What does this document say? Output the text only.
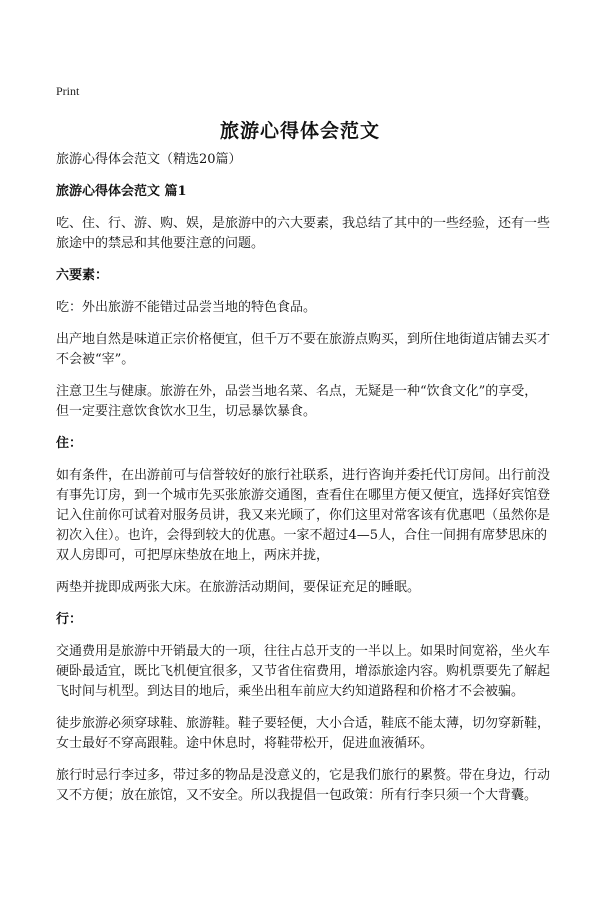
Print
旅游心得体会范文

旅游心得体会范文（精选20篇）

旅游心得体会范文 篇1

吃、住、行、游、购、娱，是旅游中的六大要素，我总结了其中的一些经验，还有一些旅途中的禁忌和其他要注意的问题。

六要素：

吃：外出旅游不能错过品尝当地的特色食品。

出产地自然是味道正宗价格便宜，但千万不要在旅游点购买，到所住地街道店铺去买才不会被“宰”。

注意卫生与健康。旅游在外，品尝当地名菜、名点，无疑是一种“饮食文化”的享受，但一定要注意饮食饮水卫生，切忌暴饮暴食。

住：

如有条件，在出游前可与信誉较好的旅行社联系，进行咨询并委托代订房间。出行前没有事先订房，到一个城市先买张旅游交通图，查看住在哪里方便又便宜，选择好宾馆登记入住前你可试着对服务员讲，我又来光顾了，你们这里对常客该有优惠吧（虽然你是初次入住）。也许，会得到较大的优惠。一家不超过4—5人，合住一间拥有席梦思床的双人房即可，可把厚床垫放在地上，两床并拢，

两垫并拢即成两张大床。在旅游活动期间，要保证充足的睡眠。

行：

交通费用是旅游中开销最大的一项，往往占总开支的一半以上。如果时间宽裕，坐火车硬卧最适宜，既比飞机便宜很多，又节省住宿费用，增添旅途内容。购机票要先了解起飞时间与机型。到达目的地后，乘坐出租车前应大约知道路程和价格才不会被骗。

徒步旅游必须穿球鞋、旅游鞋。鞋子要轻便，大小合适，鞋底不能太薄，切勿穿新鞋，女士最好不穿高跟鞋。途中休息时，将鞋带松开，促进血液循环。

旅行时忌行李过多，带过多的物品是没意义的，它是我们旅行的累赘。带在身边，行动又不方便；放在旅馆，又不安全。所以我提倡一包政策：所有行李只须一个大背囊。
